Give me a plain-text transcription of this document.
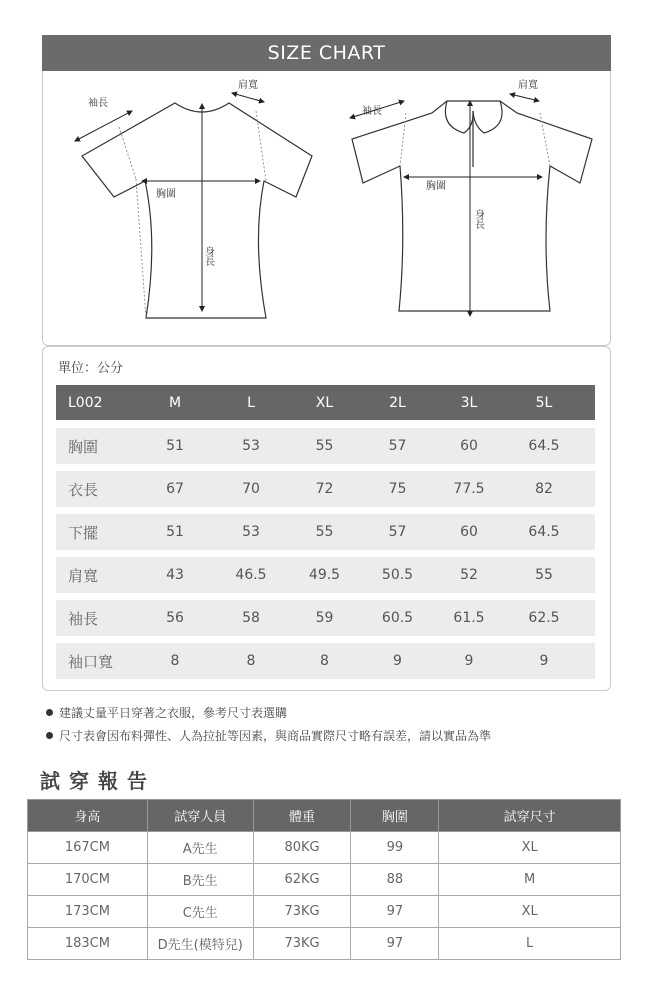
SIZE CHART
袖長
肩寬
胸圍
身長
袖長
肩寬
胸圍
身長
單位：公分
L002	M	L	XL	2L	3L	5L
胸圍	51	53	55	57	60	64.5
衣長	67	70	72	75	77.5	82
下擺	51	53	55	57	60	64.5
肩寬	43	46.5	49.5	50.5	52	55
袖長	56	58	59	60.5	61.5	62.5
袖口寬	8	8	8	9	9	9
建議丈量平日穿著之衣服，參考尺寸表選購
尺寸表會因布料彈性、人為拉扯等因素，與商品實際尺寸略有誤差，請以實品為準
試穿報告
身高	試穿人員	體重	胸圍	試穿尺寸
167CM	A先生	80KG	99	XL
170CM	B先生	62KG	88	M
173CM	C先生	73KG	97	XL
183CM	D先生(模特兒)	73KG	97	L
